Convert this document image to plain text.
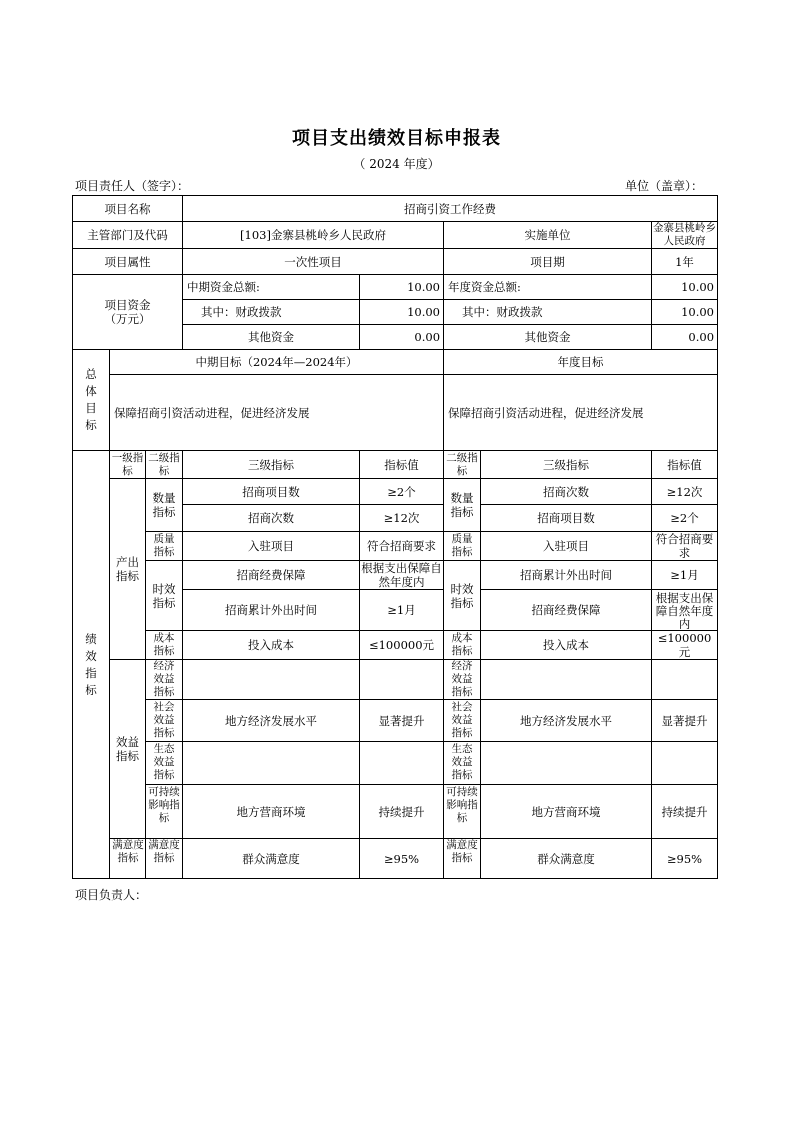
项目支出绩效目标申报表
（ 2024 年度）
项目责任人（签字）：	单位（盖章）：
项目名称			招商引资工作经费				
主管部门及代码			[103]金寨县桃岭乡人民政府		实施单位		金寨县桃岭乡人民政府
项目属性			一次性项目		项目期		1年

项目资金
（万元）			中期资金总额:	10.00	年度资金总额:		10.00
			其中：财政拨款	10.00	其中：财政拨款		10.00
			其他资金	0.00	其他资金		0.00

总体目标	中期目标（2024年—2024年）				年度目标		
	保障招商引资活动进程，促进经济发展				保障招商引资活动进程，促进经济发展		

绩效指标	一级指标	二级指标	三级指标	指标值	二级指标	三级指标	指标值

	产出指标	数量指标	招商项目数	≥2个	数量指标	招商次数	≥12次
			招商次数	≥12次		招商项目数	≥2个

		质量指标	入驻项目	符合招商要求	质量指标	入驻项目	符合招商要求

		时效指标	招商经费保障	根据支出保障自然年度内	时效指标	招商累计外出时间	≥1月
			招商累计外出时间	≥1月		招商经费保障	根据支出保障自然年度内

		成本指标	投入成本	≤100000元	成本指标	投入成本	≤100000元

	效益指标	经济效益指标			经济效益指标		

		社会效益指标	地方经济发展水平	显著提升	社会效益指标	地方经济发展水平	显著提升

		生态效益指标			生态效益指标		

		可持续影响指标	地方营商环境	持续提升	可持续影响指标	地方营商环境	持续提升

	满意度指标	满意度指标	群众满意度	≥95%	满意度指标	群众满意度	≥95%
项目负责人：
